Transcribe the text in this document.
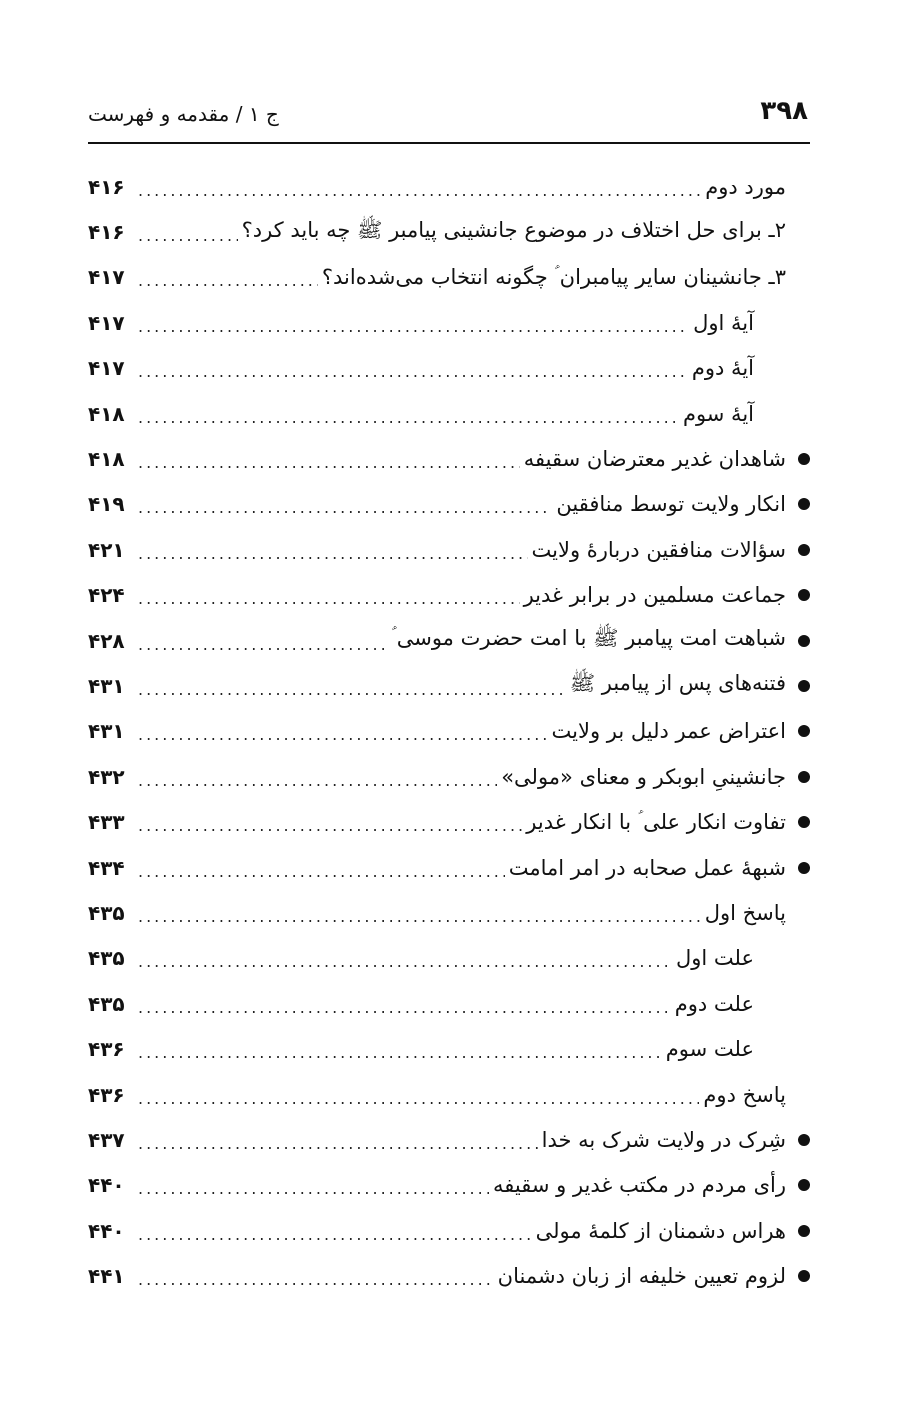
۳۹۸
ج ۱ / مقدمه و فهرست
مورد دوم
.....
۴۱۶
۲ـ برای حل اختلاف در موضوع جانشینی پیامبر ﷺ چه باید کرد؟
.....
۴۱۶
۳ـ جانشینان سایر پیامبران ؑ چگونه انتخاب می‌شده‌اند؟
.....
۴۱۷
آیهٔ اول
.....
۴۱۷
آیهٔ دوم
.....
۴۱۷
آیهٔ سوم
.....
۴۱۸
شاهدان غدیر معترضان سقیفه
.....
۴۱۸
انکار ولایت توسط منافقین
.....
۴۱۹
سؤالات منافقین دربارهٔ ولایت
.....
۴۲۱
جماعت مسلمین در برابر غدیر
.....
۴۲۴
شباهت امت پیامبر ﷺ با امت حضرت موسی ؑ
.....
۴۲۸
فتنه‌های پس از پیامبر ﷺ
.....
۴۳۱
اعتراض عمر دلیل بر ولایت
.....
۴۳۱
جانشینیِ ابوبکر و معنای «مولی»
.....
۴۳۲
تفاوت انکار علی ؑ با انکار غدیر
.....
۴۳۳
شبههٔ عمل صحابه در امر امامت
.....
۴۳۴
پاسخ اول
.....
۴۳۵
علت اول
.....
۴۳۵
علت دوم
.....
۴۳۵
علت سوم
.....
۴۳۶
پاسخ دوم
.....
۴۳۶
شِرک در ولایت شرک به خدا
.....
۴۳۷
رأی مردم در مکتب غدیر و سقیفه
.....
۴۴۰
هراس دشمنان از کلمهٔ مولی
.....
۴۴۰
لزوم تعیین خلیفه از زبان دشمنان
.....
۴۴۱
